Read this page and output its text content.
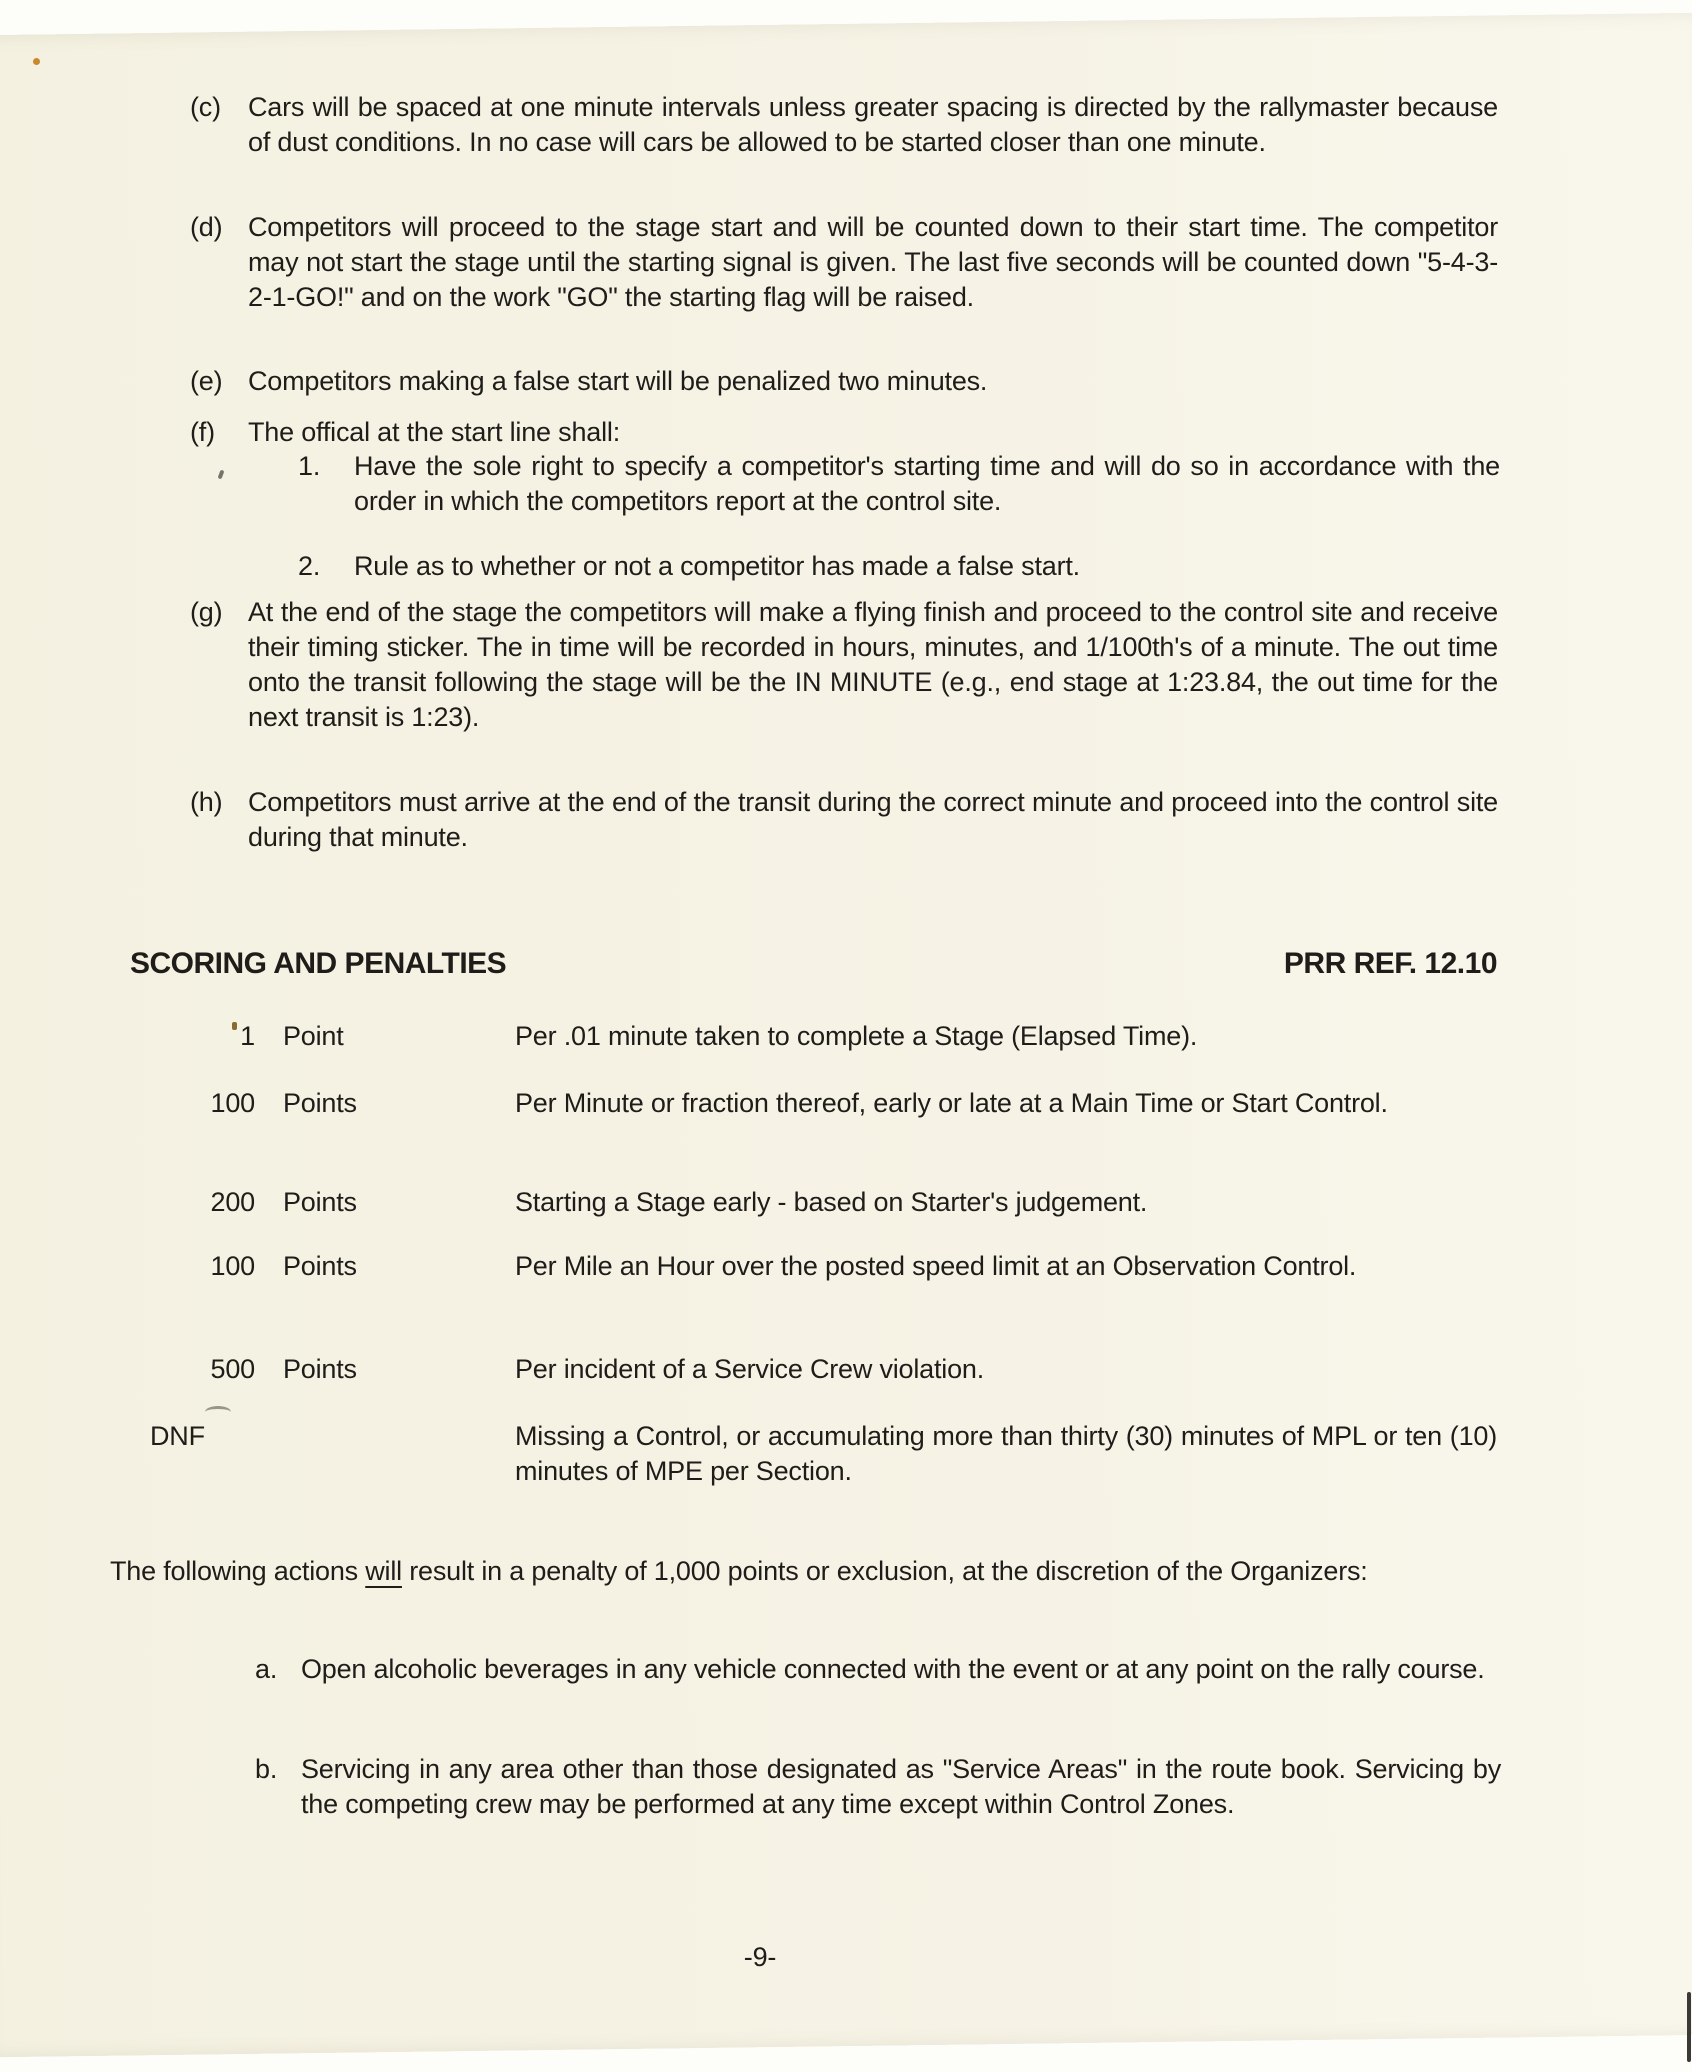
(c)	Cars will be spaced at one minute intervals unless greater spacing is directed by the rallymaster because of dust conditions. In no case will cars be allowed to be started closer than one minute.

(d) Competitors will proceed to the stage start and will be counted down to their start time. The competitor may not start the stage until the starting signal is given. The last five seconds will be counted down "5-4-3-2-1-GO!" and on the work "GO" the starting flag will be raised.

(e) Competitors making a false start will be penalized two minutes.

(f)	The offical at the start line shall:

1.	Have the sole right to specify a competitor's starting time and will do so in accordance with the order in which the competitors report at the control site.

2.	Rule as to whether or not a competitor has made a false start.

(g) At the end of the stage the competitors will make a flying finish and proceed to the control site and receive their timing sticker. The in time will be recorded in hours, minutes, and 1/100th's of a minute. The out time onto the transit following the stage will be the IN MINUTE (e.g., end stage at 1:23.84, the out time for the next transit is 1:23).

(h) Competitors must arrive at the end of the transit during the correct minute and proceed into the control site during that minute.

SCORING AND PENALTIES	PRR REF. 12.10
1 Point	Per .01 minute taken to complete a Stage (Elapsed Time).

100 Points	Per Minute or fraction thereof, early or late at a Main Time or Start Control.

200 Points	Starting a Stage early - based on Starter's judgement.

100 Points	Per Mile an Hour over the posted speed limit at an Observation Control.

500 Points	Per incident of a Service Crew violation.

DNF	Missing a Control, or accumulating more than thirty (30) minutes of MPL or ten (10) minutes of MPE per Section.

The following actions will result in a penalty of 1,000 points or exclusion, at the discretion of the Organizers:

a. Open alcoholic beverages in any vehicle connected with the event or at any point on the rally course.

b. Servicing in any area other than those designated as "Service Areas" in the route book. Servicing by the competing crew may be performed at any time except within Control Zones.

-9-
